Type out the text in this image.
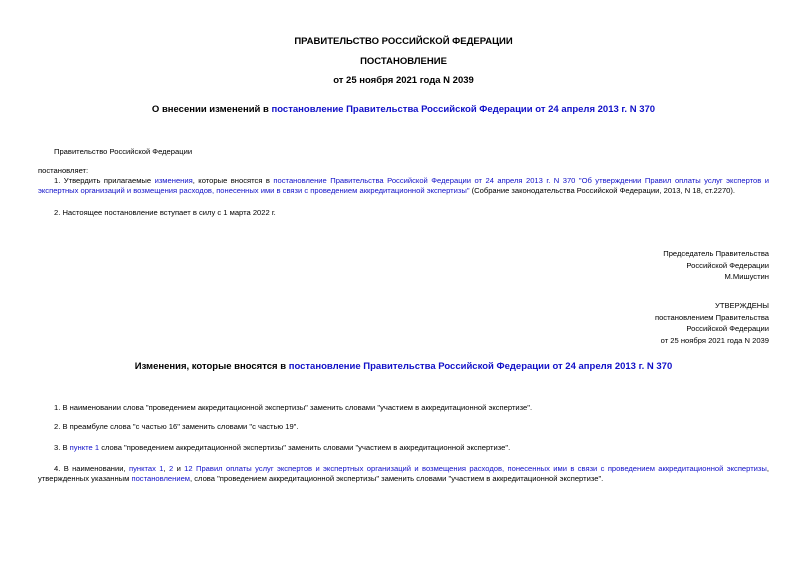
ПРАВИТЕЛЬСТВО РОССИЙСКОЙ ФЕДЕРАЦИИ
ПОСТАНОВЛЕНИЕ
от 25 ноября 2021 года N 2039
О внесении изменений в постановление Правительства Российской Федерации от 24 апреля 2013 г. N 370
Правительство Российской Федерации
постановляет:
1. Утвердить прилагаемые изменения, которые вносятся в постановление Правительства Российской Федерации от 24 апреля 2013 г. N 370 "Об утверждении Правил оплаты услуг экспертов и экспертных организаций и возмещения расходов, понесенных ими в связи с проведением аккредитационной экспертизы" (Собрание законодательства Российской Федерации, 2013, N 18, ст.2270).
2. Настоящее постановление вступает в силу с 1 марта 2022 г.
Председатель Правительства
Российской Федерации
М.Мишустин
УТВЕРЖДЕНЫ
постановлением Правительства
Российской Федерации
от 25 ноября 2021 года N 2039
Изменения, которые вносятся в постановление Правительства Российской Федерации от 24 апреля 2013 г. N 370
1. В наименовании слова "проведением аккредитационной экспертизы" заменить словами "участием в аккредитационной экспертизе".
2. В преамбуле слова "с частью 16" заменить словами "с частью 19".
3. В пункте 1 слова "проведением аккредитационной экспертизы" заменить словами "участием в аккредитационной экспертизе".
4. В наименовании, пунктах 1, 2 и 12 Правил оплаты услуг экспертов и экспертных организаций и возмещения расходов, понесенных ими в связи с проведением аккредитационной экспертизы, утвержденных указанным постановлением, слова "проведением аккредитационной экспертизы" заменить словами "участием в аккредитационной экспертизе".
